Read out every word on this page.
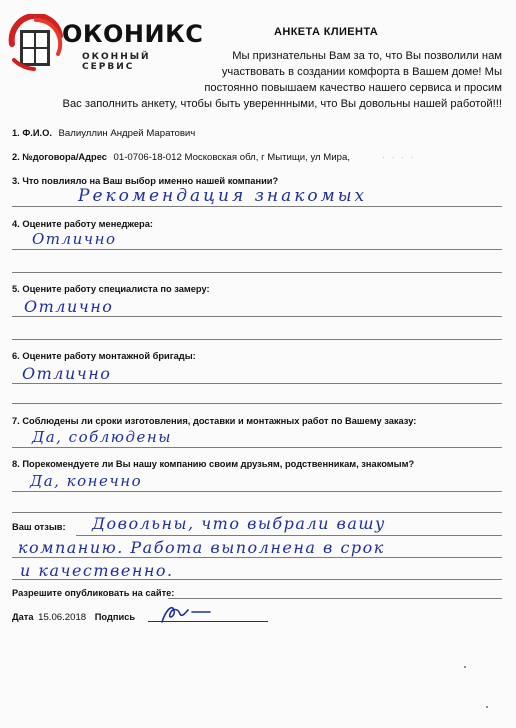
ОКОНИКС
ОКОННЫЙ СЕРВИС
АНКЕТА КЛИЕНТА
Мы признательны Вам за то, что Вы позволили нам
участвовать в создании комфорта в Вашем доме! Мы
постоянно повышаем качество нашего сервиса и просим
Вас заполнить анкету, чтобы быть увереннными, что Вы довольны нашей работой!!!
1. Ф.И.О. Валиуллин Андрей Маратович
2. №договора/Адрес 01-0706-18-012 Московская обл, г Мытищи, ул Мира,	· · · ·
3. Что повлияло на Ваш выбор именно нашей компании?
Рекомендация знакомых
4. Оцените работу менеджера:
Отлично
5. Оцените работу специалиста по замеру:
Отлично
6. Оцените работу монтажной бригады:
Отлично
7. Соблюдены ли сроки изготовления, доставки и монтажных работ по Вашему заказу:
Да, соблюдены
8. Порекомендуете ли Вы нашу компанию своим друзьям, родственникам, знакомым?
Да, конечно
Ваш отзыв: Довольны, что выбрали вашу
компанию. Работа выполнена в срок
и качественно.
Разрешите опубликовать на сайте:
Дата 15.06.2018 Подпись
